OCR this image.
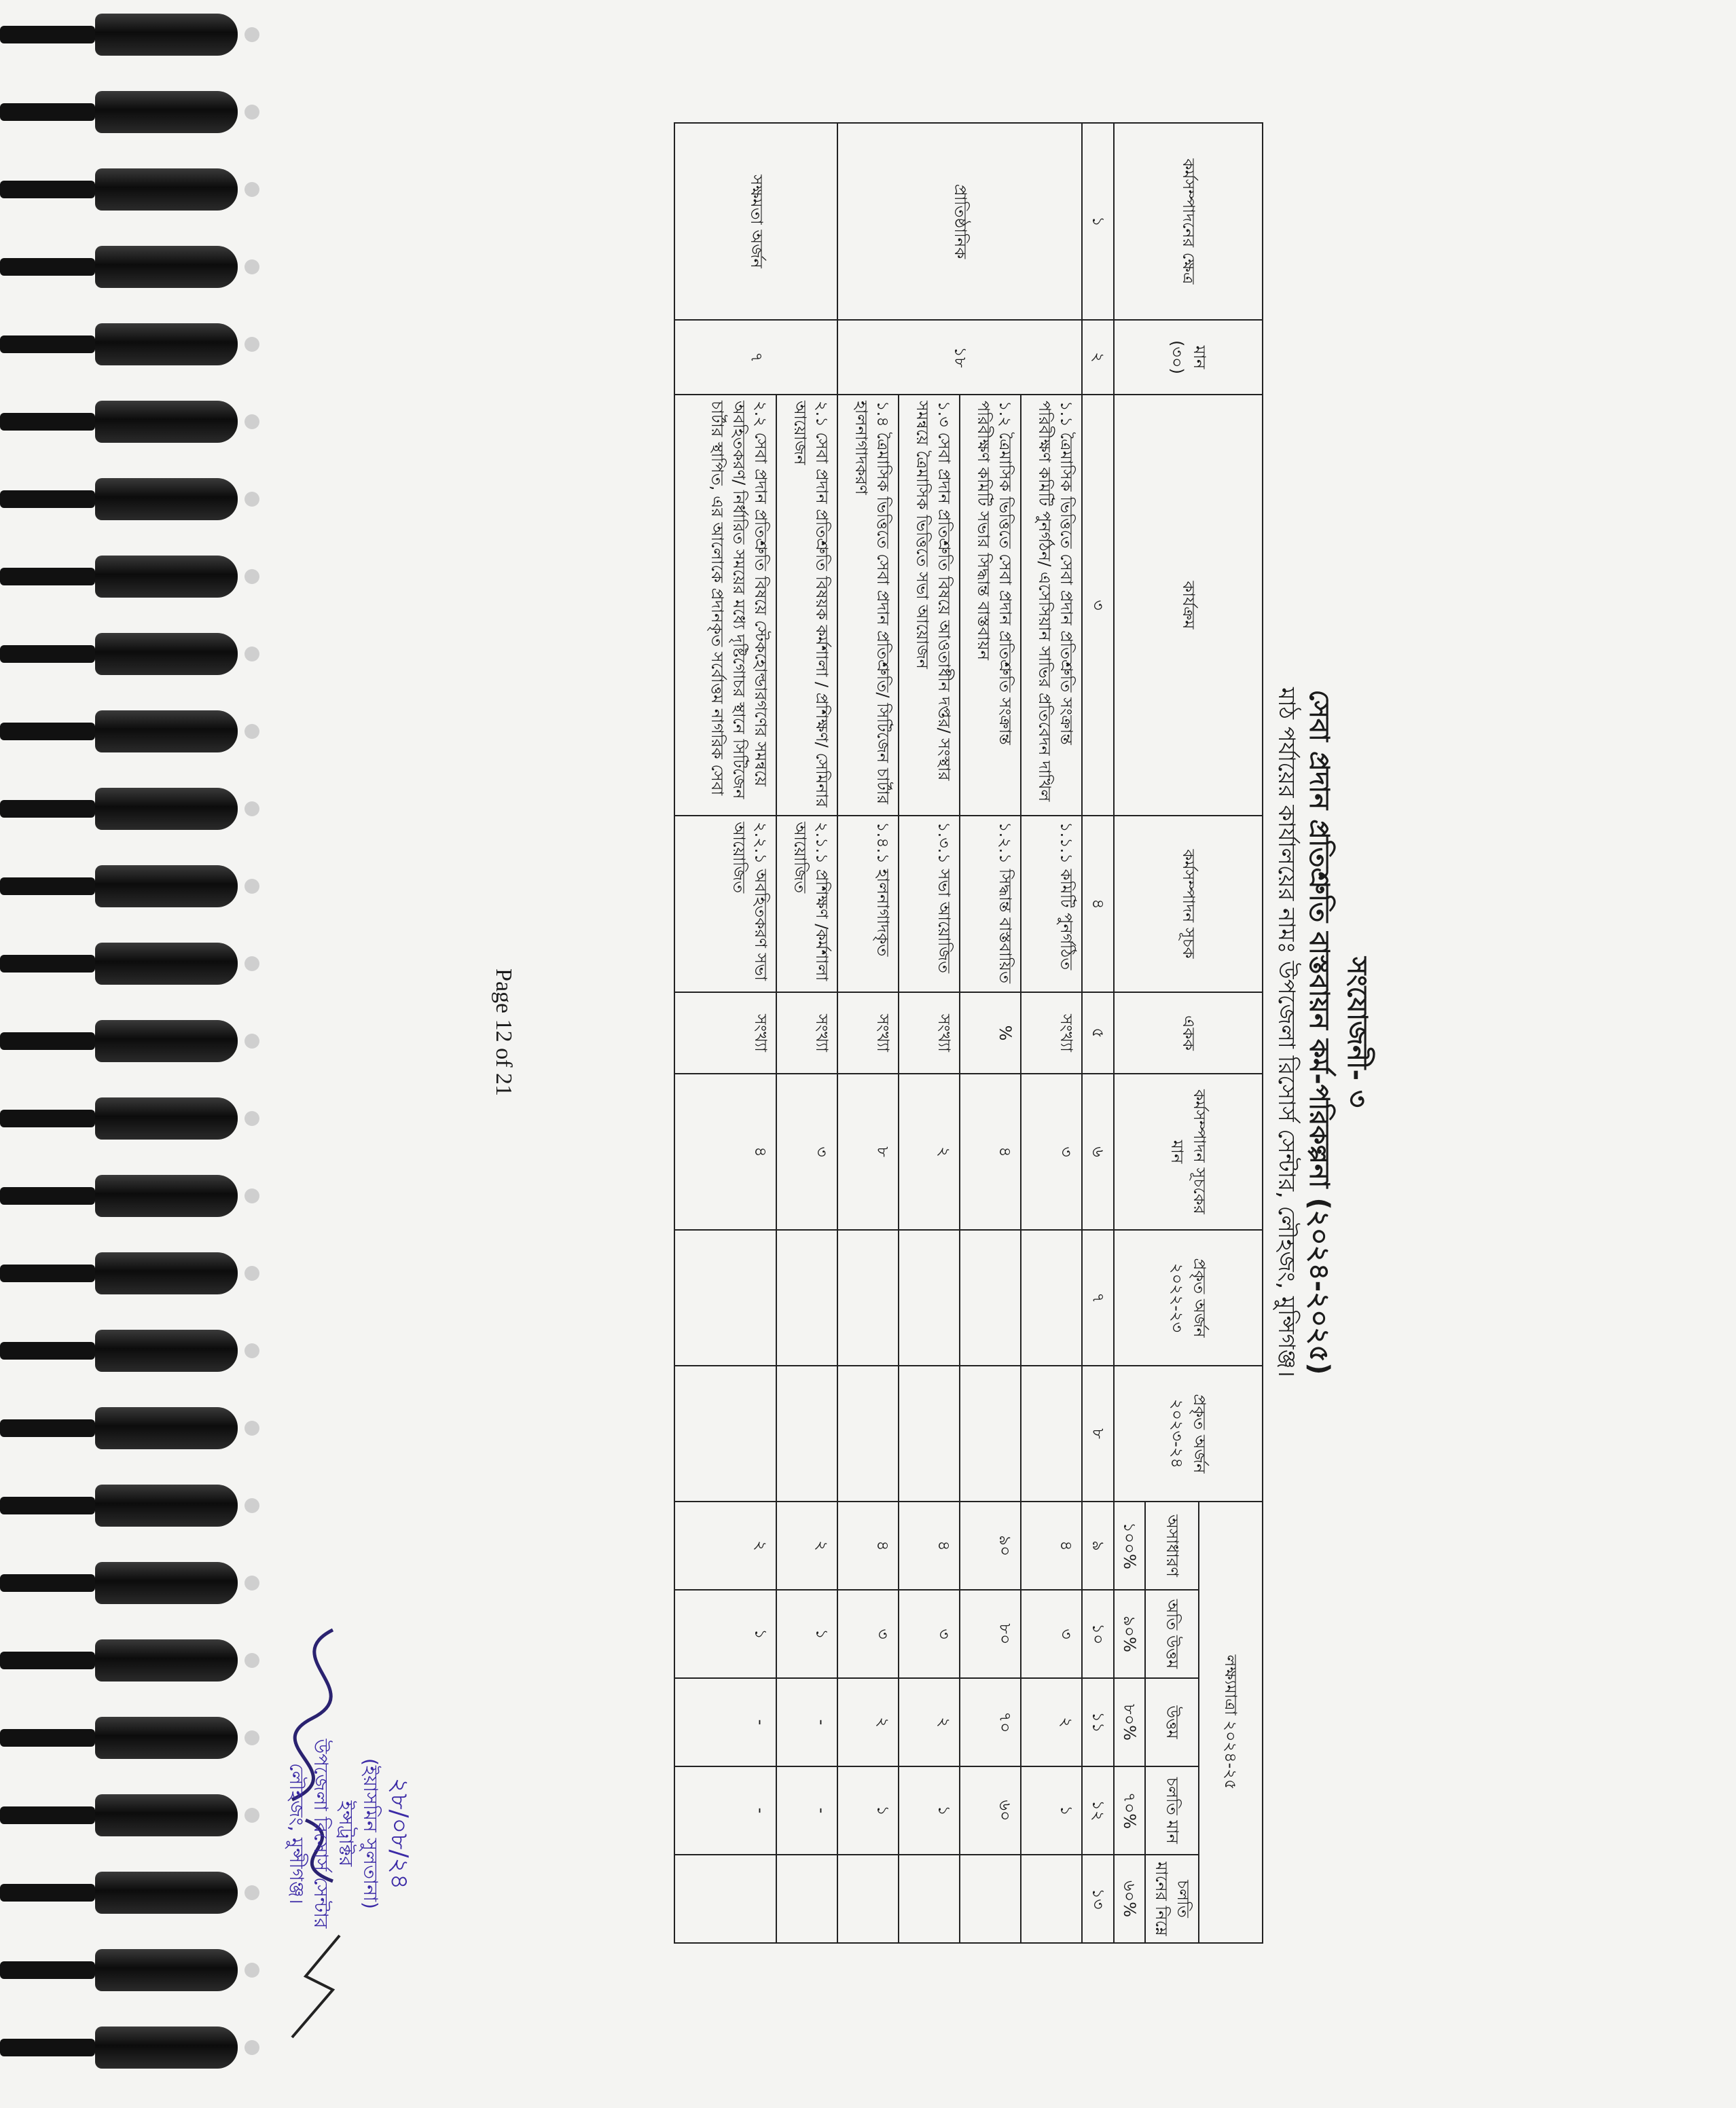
সংযোজনী- ৩
সেবা প্রদান প্রতিশ্রুতি বাস্তবায়ন কর্ম-পরিকল্পনা (২০২৪-২০২৫)
মাঠ পর্যায়ের কার্যালয়ের নামঃ উপজেলা রিসোর্স সেন্টার, লৌহজং, মুন্সিগঞ্জ।
কর্মসম্পাদনের ক্ষেত্র	মান (৩০)	কার্যক্রম	কর্মসম্পাদন সূচক	একক	কর্মসম্পাদন সূচকের মান	প্রকৃত অর্জন ২০২২-২৩	প্রকৃত অর্জন ২০২৩-২৪	লক্ষ্যমাত্রা ২০২৪-২৫				
								অসাধারণ	অতি উত্তম	উত্তম	চলতি মান	চলতি মানের নিম্নে
								১০০%	৯০%	৮০%	৭০%	৬০%
১	২	৩	৪	৫	৬	৭	৮	৯	১০	১১	১২	১৩
প্রাতিষ্ঠানিক	১৮	১.১ ত্রৈমাসিক ভিত্তিতে সেবা প্রদান প্রতিশ্রুতি সংক্রান্ত পরিবীক্ষণ কমিটি পুনর্গঠন/ এসেসিয়ান সাভির প্রতিবেদন দাখিল	১.১.১ কমিটি পুনর্গঠিত	সংখ্যা	৩			৪	৩	২	১	
		১.২ ত্রৈমাসিক ভিত্তিতে সেবা প্রদান প্রতিশ্রুতি সংক্রান্ত পরিবীক্ষণ কমিটি সভার সিদ্ধান্ত বাস্তবায়ন	১.২.১ সিদ্ধান্ত বাস্তবায়িত	%	৪			৯০	৮০	৭০	৬০	
		১.৩ সেবা প্রদান প্রতিশ্রুতি বিষয়ে আওতাধীন দপ্তর/ সংস্থার সমন্বয়ে ত্রৈমাসিক ভিত্তিতে সভা আয়োজন	১.৩.১ সভা আয়োজিত	সংখ্যা	২			৪	৩	২	১	
		১.৪ ত্রৈমাসিক ভিত্তিতে সেবা প্রদান প্রতিশ্রুতি/ সিটিজেন চার্টার হালনাগাদকরণ	১.৪.১ হালনাগাদকৃত	সংখ্যা	৮			৪	৩	২	১	
সক্ষমতা অর্জন	৭	২.১ সেবা প্রদান প্রতিশ্রুতি বিষয়ক কর্মশালা / প্রশিক্ষণ/ সেমিনার আয়োজন	২.১.১ প্রশিক্ষণ /কর্মশালা আয়োজিত	সংখ্যা	৩			২	১	-	-	
		২.২ সেবা প্রদান প্রতিশ্রুতি বিষয়ে স্টেকহোল্ডারগণের সমন্বয়ে অবহিতকরণ/ নির্ধারিত সময়ের মধ্যে দৃষ্টিগোচর স্থানে সিটিজেন চার্টার স্থাপিত, এর আলোকে প্রদানকৃত সর্বোত্তম নাগরিক সেবা	২.২.১ অবহিতকরণ সভা আয়োজিত	সংখ্যা	৪			২	১	-	-	
Page 12 of 21
২৮/০৮/২৪
(ইয়াসমিন সুলতানা)
ইন্সট্রাক্টর
উপজেলা রিসোর্স সেন্টার
লৌহজং, মুন্সীগঞ্জ।
